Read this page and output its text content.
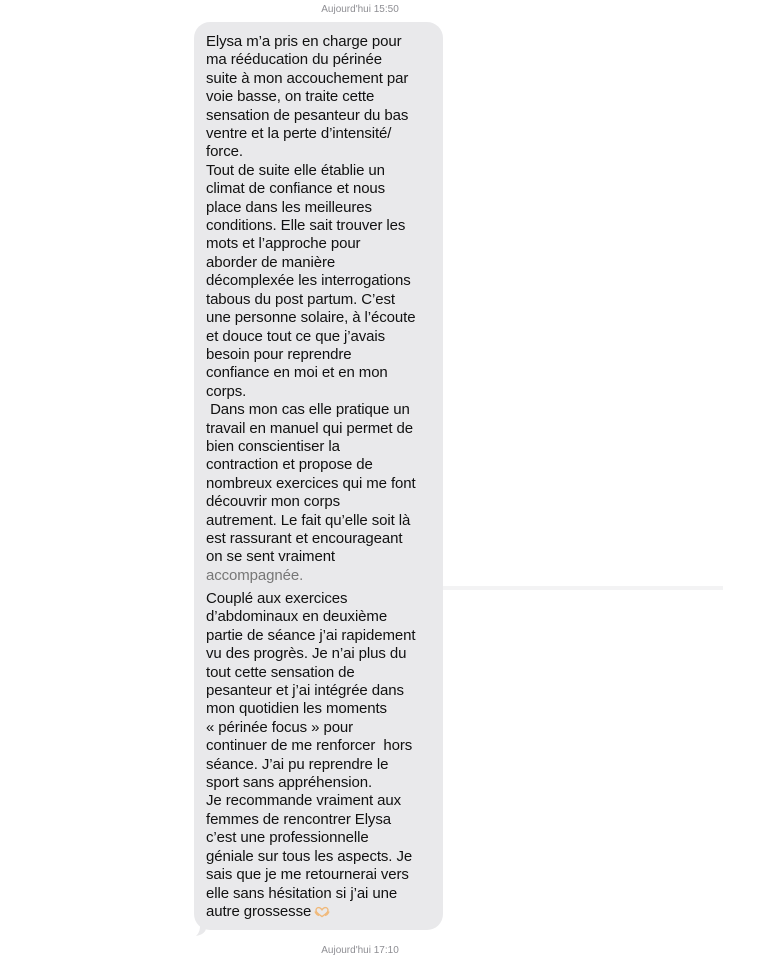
Aujourd'hui 15:50
Elysa m’a pris en charge pour
ma rééducation du périnée
suite à mon accouchement par
voie basse, on traite cette
sensation de pesanteur du bas
ventre et la perte d’intensité/
force.
Tout de suite elle établie un
climat de confiance et nous
place dans les meilleures
conditions. Elle sait trouver les
mots et l’approche pour
aborder de manière
décomplexée les interrogations
tabous du post partum. C’est
une personne solaire, à l’écoute
et douce tout ce que j’avais
besoin pour reprendre
confiance en moi et en mon
corps.
Dans mon cas elle pratique un
travail en manuel qui permet de
bien conscientiser la
contraction et propose de
nombreux exercices qui me font
découvrir mon corps
autrement. Le fait qu’elle soit là
est rassurant et encourageant
on se sent vraiment
accompagnée.
Couplé aux exercices
d’abdominaux en deuxième
partie de séance j’ai rapidement
vu des progrès. Je n’ai plus du
tout cette sensation de
pesanteur et j’ai intégrée dans
mon quotidien les moments
« périnée focus » pour
continuer de me renforcer  hors
séance. J’ai pu reprendre le
sport sans appréhension.
Je recommande vraiment aux
femmes de rencontrer Elysa
c’est une professionnelle
géniale sur tous les aspects. Je
sais que je me retournerai vers
elle sans hésitation si j’ai une
autre grossesse
Aujourd'hui 17:10
